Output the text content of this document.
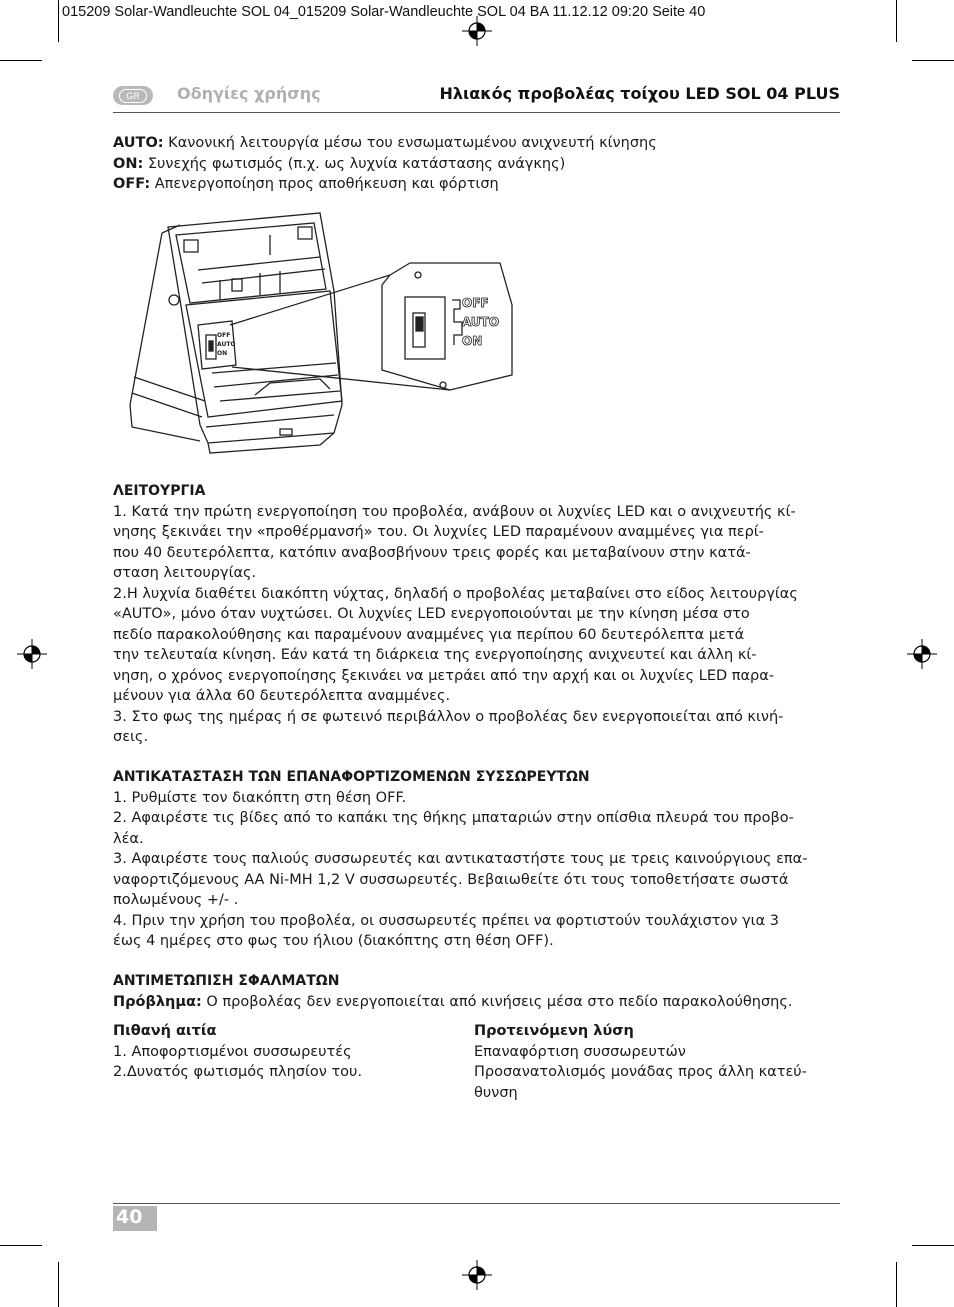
015209 Solar-Wandleuchte SOL 04_015209 Solar-Wandleuchte SOL 04 BA 11.12.12 09:20 Seite 40
GR	Οδηγίες χρήσης	Ηλιακός προβολέας τοίχου LED SOL 04 PLUS
AUTO: Κανονική λειτουργία μέσω του ενσωματωμένου ανιχνευτή κίνησης
ON: Συνεχής φωτισμός (π.χ. ως λυχνία κατάστασης ανάγκης)
OFF: Απενεργοποίηση προς αποθήκευση και φόρτιση
OFF
AUTO
ON
OFF
AUTO
ON
ΛΕΙΤΟΥΡΓΙΑ
1. Κατά την πρώτη ενεργοποίηση του προβολέα, ανάβουν οι λυχνίες LED και ο ανιχνευτής κί-
νησης ξεκινάει την «προθέρμανσή» του. Οι λυχνίες LED παραμένουν αναμμένες για περί-
που 40 δευτερόλεπτα, κατόπιν αναβοσβήνουν τρεις φορές και μεταβαίνουν στην κατά-
σταση λειτουργίας.
2.Η λυχνία διαθέτει διακόπτη νύχτας, δηλαδή ο προβολέας μεταβαίνει στο είδος λειτουργίας
«AUTO», μόνο όταν νυχτώσει. Οι λυχνίες LED ενεργοποιούνται με την κίνηση μέσα στο
πεδίο παρακολούθησης και παραμένουν αναμμένες για περίπου 60 δευτερόλεπτα μετά
την τελευταία κίνηση. Εάν κατά τη διάρκεια της ενεργοποίησης ανιχνευτεί και άλλη κί-
νηση, ο χρόνος ενεργοποίησης ξεκινάει να μετράει από την αρχή και οι λυχνίες LED παρα-
μένουν για άλλα 60 δευτερόλεπτα αναμμένες.
3. Στο φως της ημέρας ή σε φωτεινό περιβάλλον ο προβολέας δεν ενεργοποιείται από κινή-
σεις.
ΑΝΤΙΚΑΤΑΣΤΑΣΗ ΤΩΝ ΕΠΑΝΑΦΟΡΤΙΖΟΜΕΝΩΝ ΣΥΣΣΩΡΕΥΤΩΝ
1. Ρυθμίστε τον διακόπτη στη θέση OFF.
2. Αφαιρέστε τις βίδες από το καπάκι της θήκης μπαταριών στην οπίσθια πλευρά του προβο-
λέα.
3. Αφαιρέστε τους παλιούς συσσωρευτές και αντικαταστήστε τους με τρεις καινούργιους επα-
ναφορτιζόμενους AA Ni-MH 1,2 V συσσωρευτές. Βεβαιωθείτε ότι τους τοποθετήσατε σωστά
πολωμένους +/- .
4. Πριν την χρήση του προβολέα, οι συσσωρευτές πρέπει να φορτιστούν τουλάχιστον για 3
έως 4 ημέρες στο φως του ήλιου (διακόπτης στη θέση OFF).
ΑΝΤΙΜΕΤΩΠΙΣΗ ΣΦΑΛΜΑΤΩΝ
Πρόβλημα: Ο προβολέας δεν ενεργοποιείται από κινήσεις μέσα στο πεδίο παρακολούθησης.
Πιθανή αιτία
1. Αποφορτισμένοι συσσωρευτές
2.Δυνατός φωτισμός πλησίον του.
Προτεινόμενη λύση
Επαναφόρτιση συσσωρευτών
Προσανατολισμός μονάδας προς άλλη κατεύ-
θυνση
40
